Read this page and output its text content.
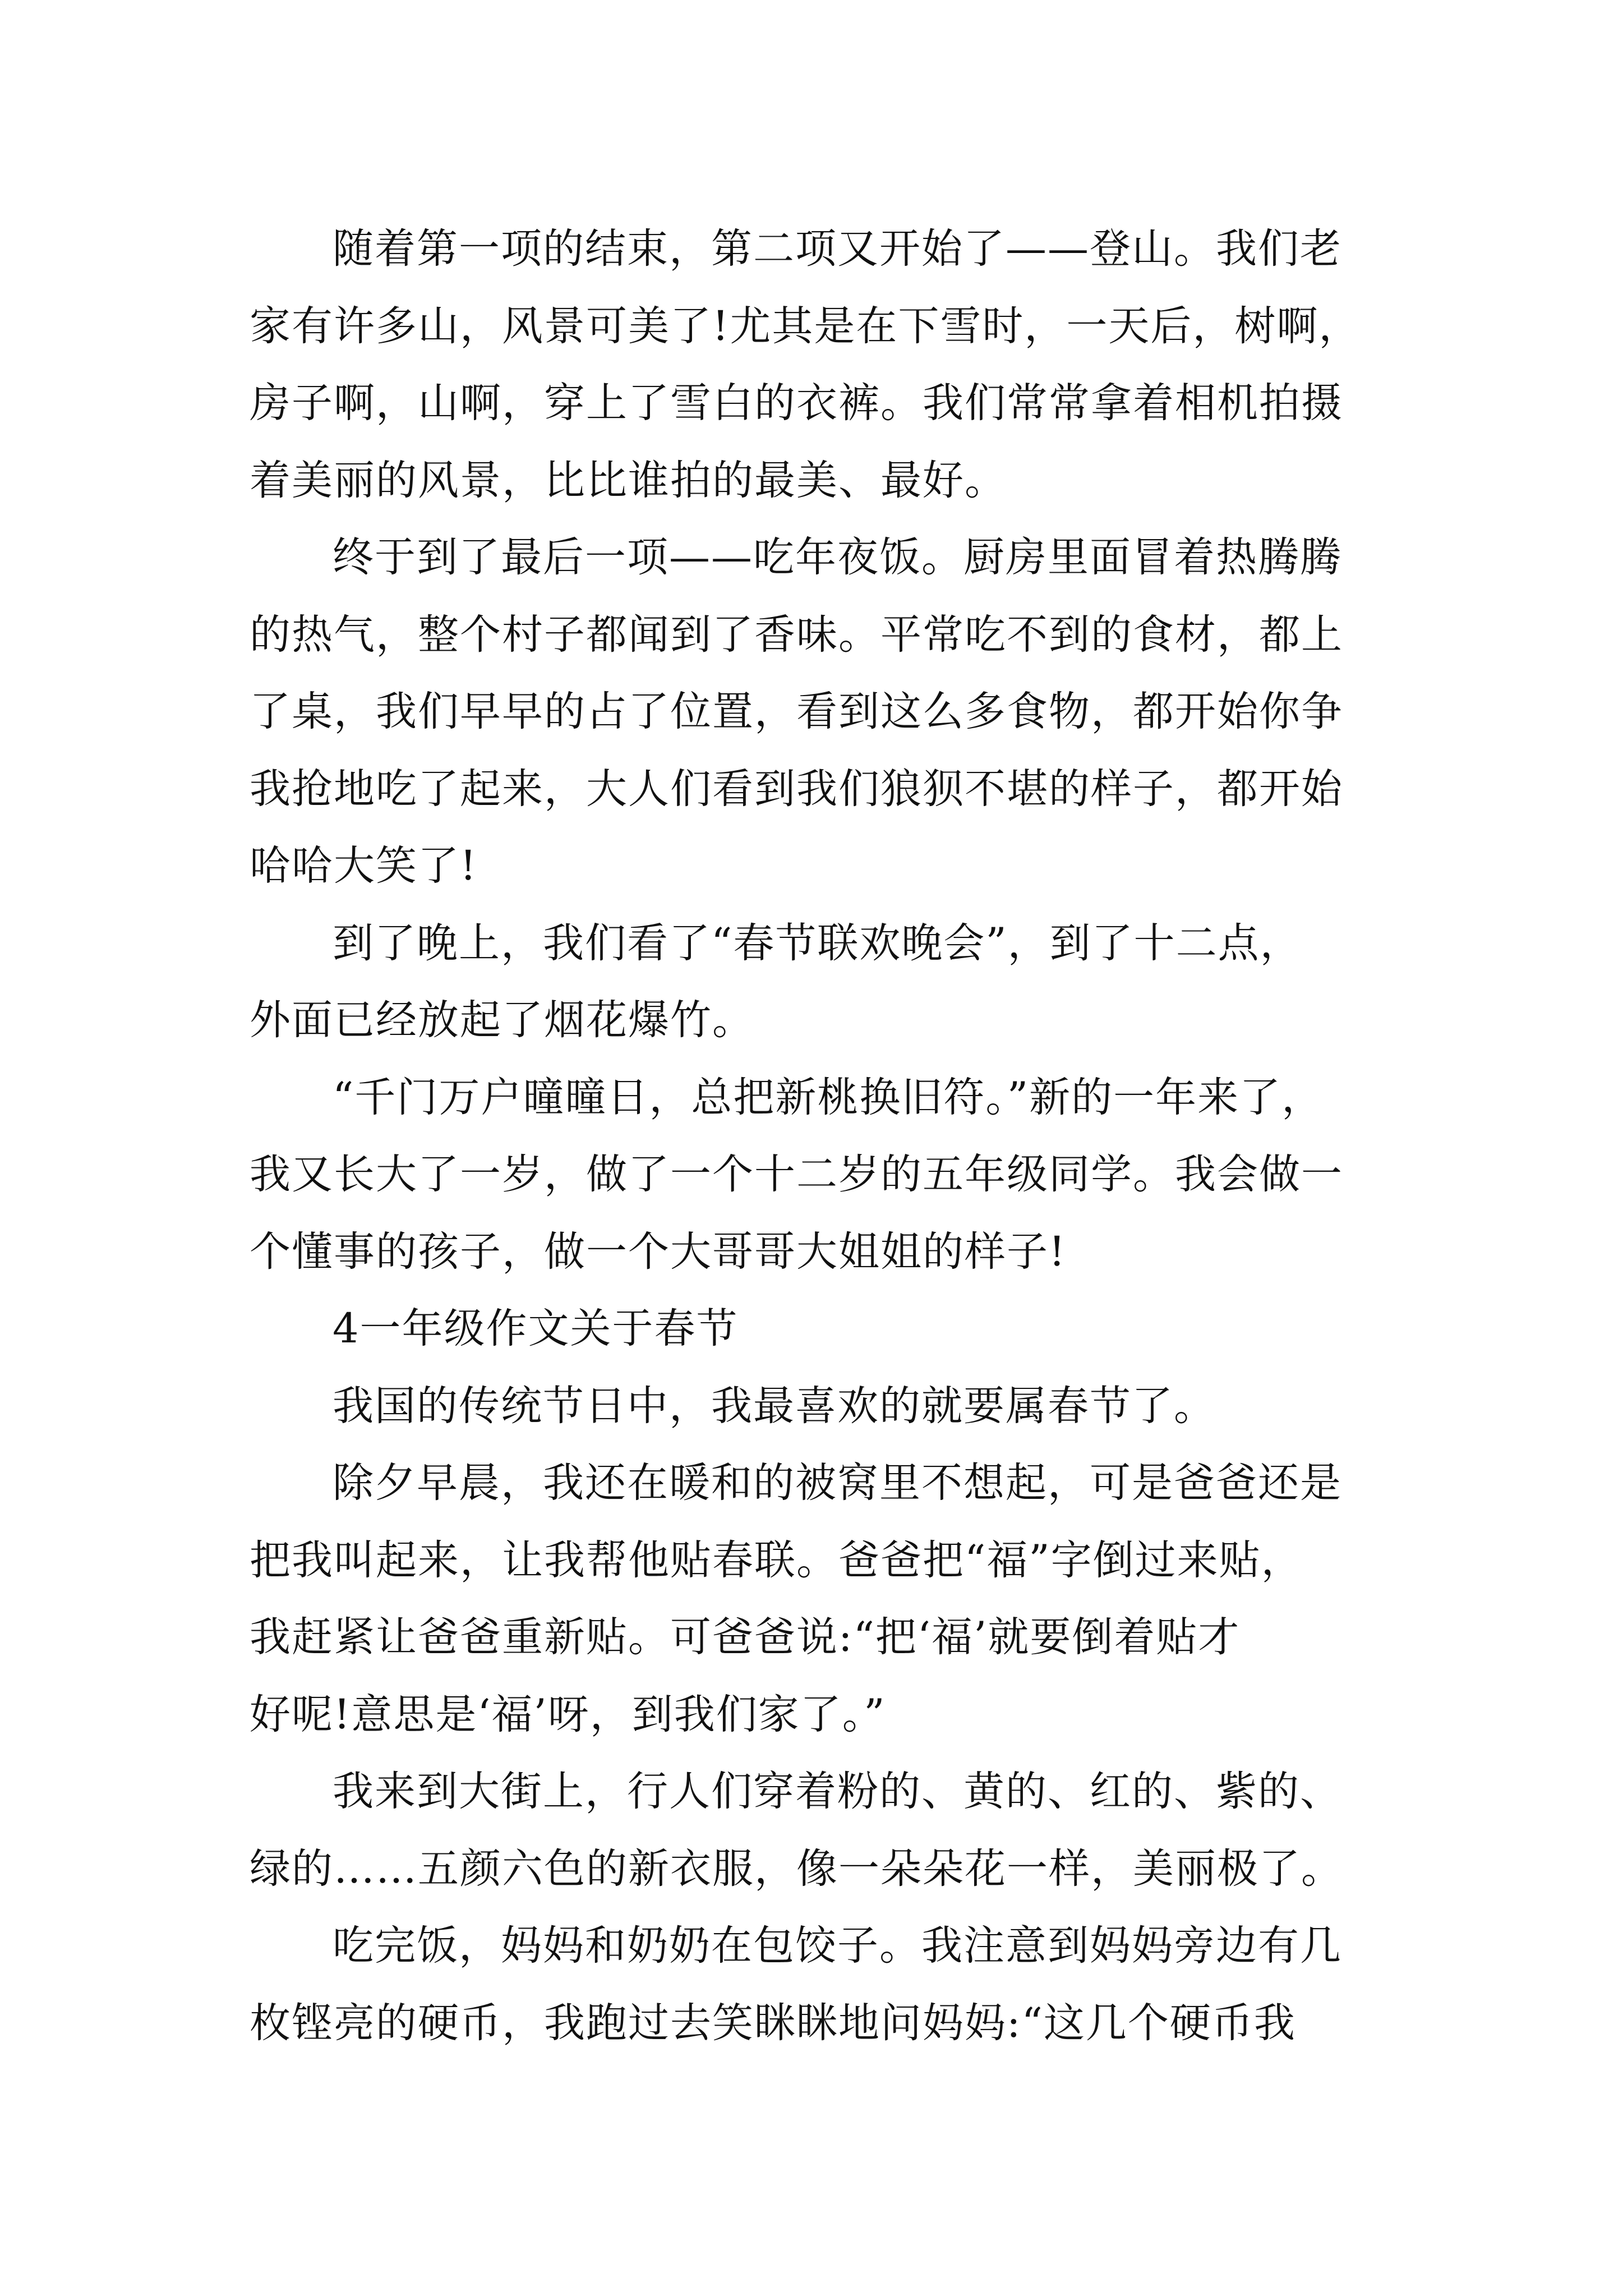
随着第一项的结束，第二项又开始了——登山。我们老
家有许多山，风景可美了!尤其是在下雪时，一天后，树啊，
房子啊，山啊，穿上了雪白的衣裤。我们常常拿着相机拍摄
着美丽的风景，比比谁拍的最美、最好。
终于到了最后一项——吃年夜饭。厨房里面冒着热腾腾
的热气，整个村子都闻到了香味。平常吃不到的食材，都上
了桌，我们早早的占了位置，看到这么多食物，都开始你争
我抢地吃了起来，大人们看到我们狼狈不堪的样子，都开始
哈哈大笑了!
到了晚上，我们看了“春节联欢晚会”，到了十二点，
外面已经放起了烟花爆竹。
“千门万户曈曈日，总把新桃换旧符。”新的一年来了，
我又长大了一岁，做了一个十二岁的五年级同学。我会做一
个懂事的孩子，做一个大哥哥大姐姐的样子!
4一年级作文关于春节
我国的传统节日中，我最喜欢的就要属春节了。
除夕早晨，我还在暖和的被窝里不想起，可是爸爸还是
把我叫起来，让我帮他贴春联。爸爸把“福”字倒过来贴，
我赶紧让爸爸重新贴。可爸爸说:“把‘福’就要倒着贴才
好呢!意思是‘福’呀，到我们家了。”
我来到大街上，行人们穿着粉的、黄的、红的、紫的、
绿的……五颜六色的新衣服，像一朵朵花一样，美丽极了。
吃完饭，妈妈和奶奶在包饺子。我注意到妈妈旁边有几
枚铿亮的硬币，我跑过去笑眯眯地问妈妈:“这几个硬币我
